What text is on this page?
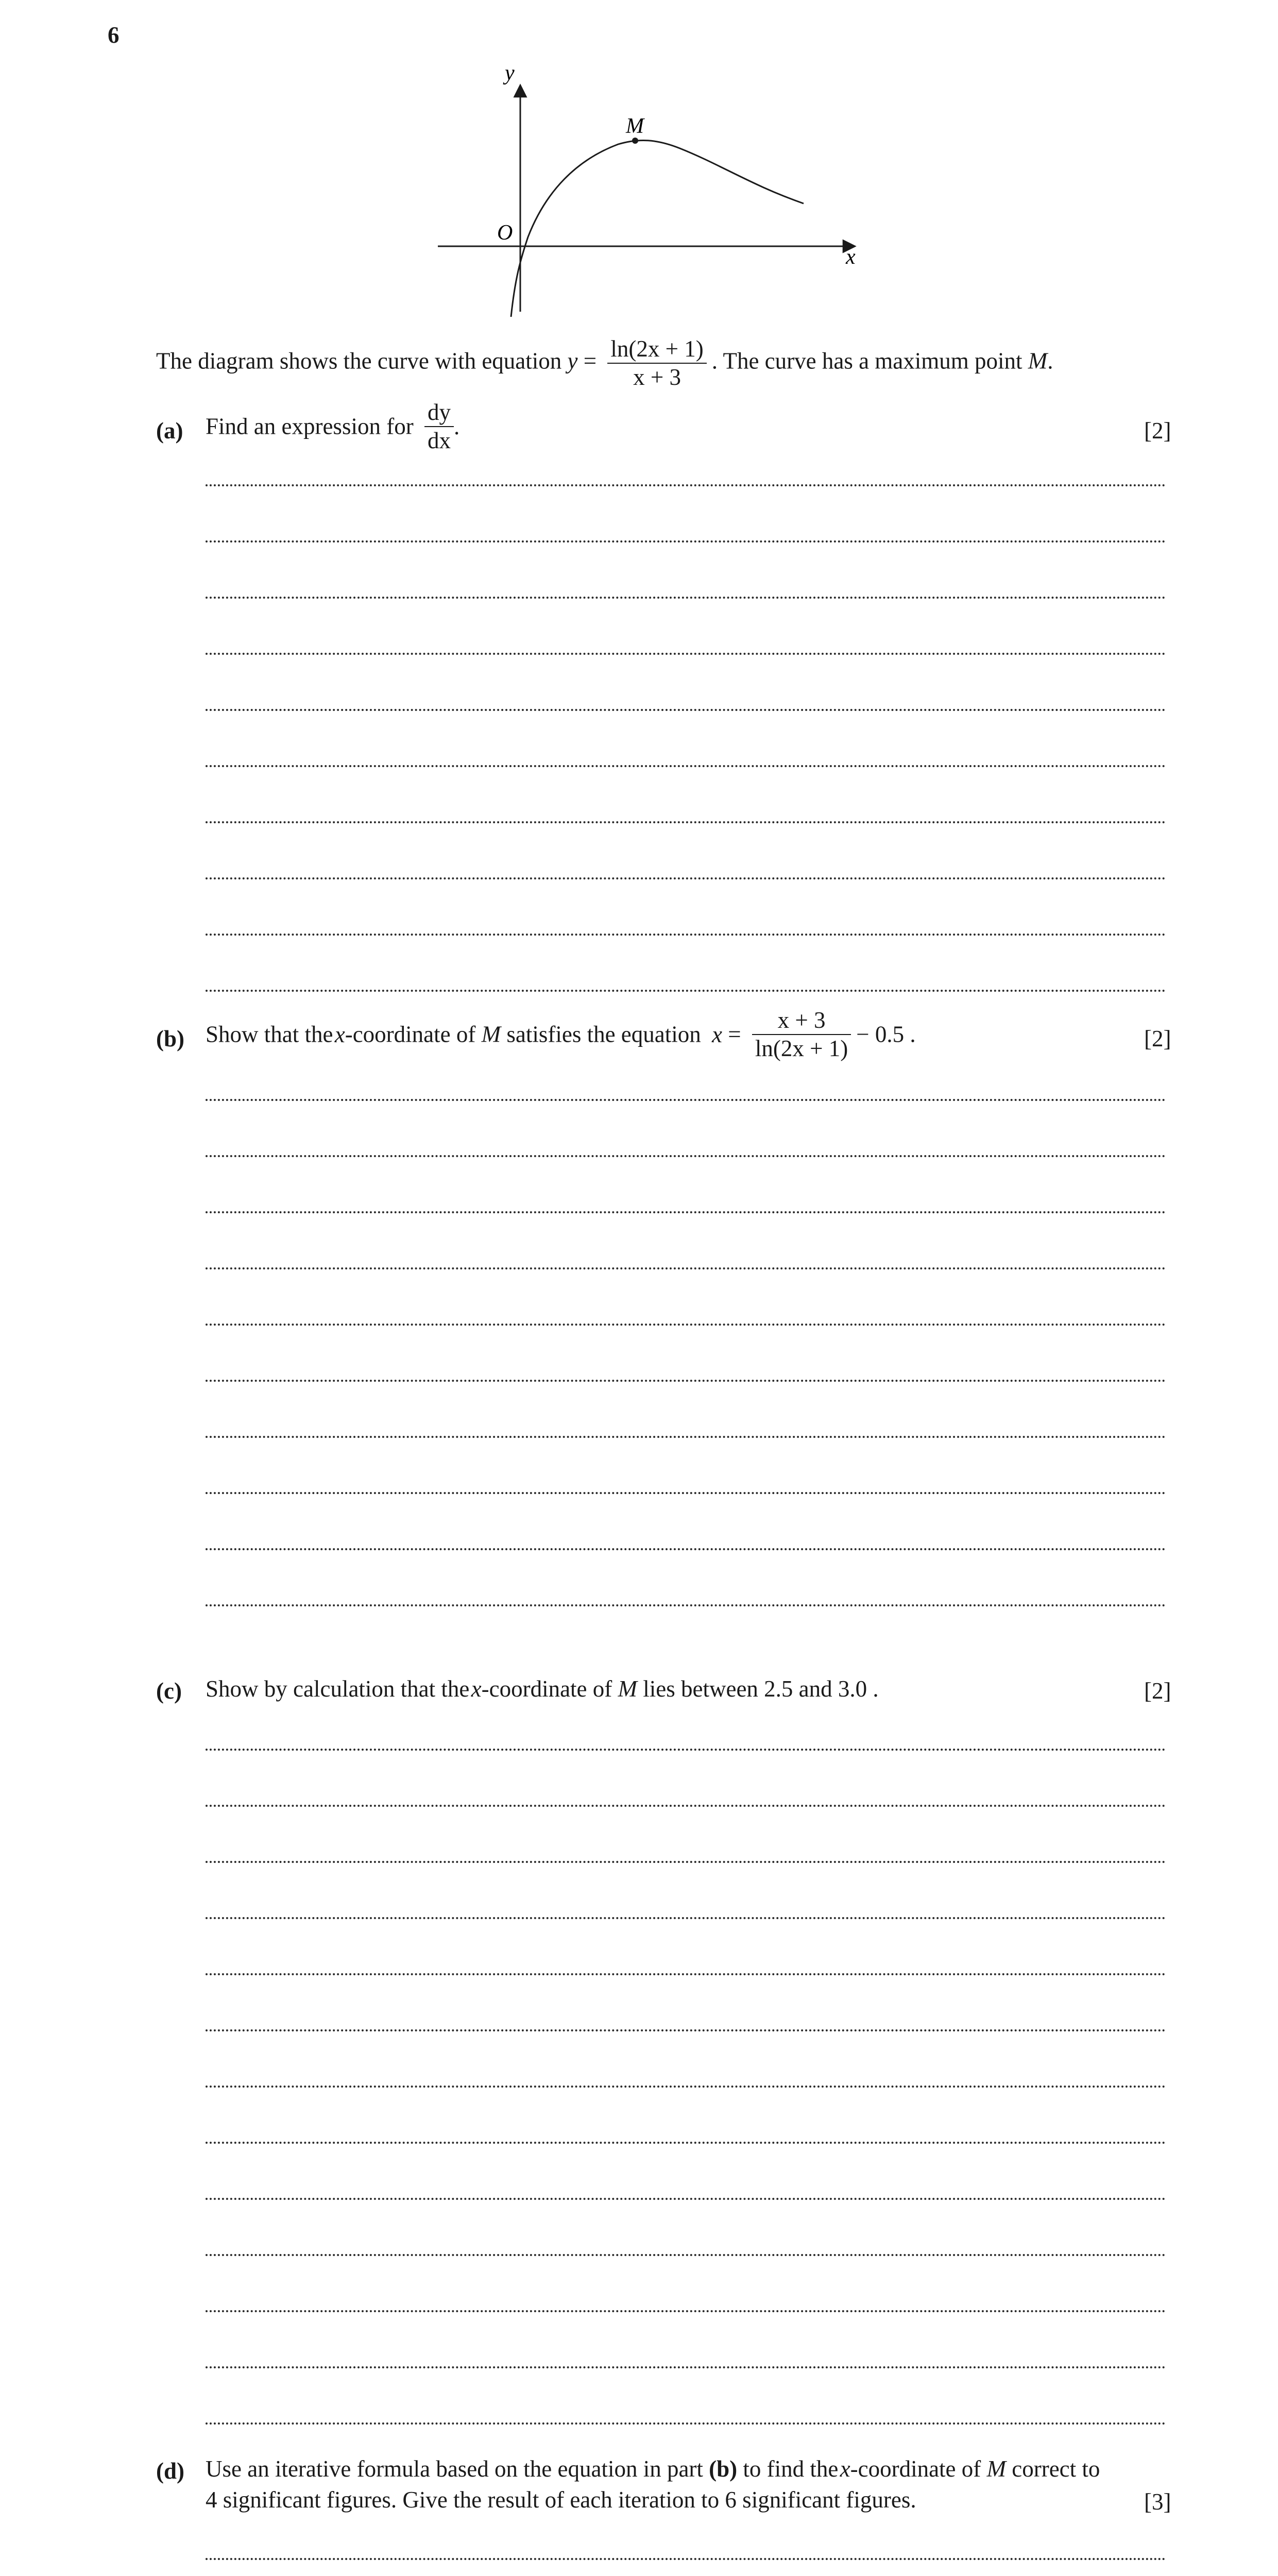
6
y
x
O
M
The diagram shows the curve with equation $y = \frac{\ln(2x + 1)}{x + 3}$ . The curve has a maximum point M.
(a) Find an expression for $\frac{dy}{dx}$ .	[2]
(b) Show that the x-coordinate of M satisfies the equation $x = \frac{x + 3}{\ln(2x + 1)} - 0.5$ .	[2]
(c) Show by calculation that the x-coordinate of M lies between 2.5 and 3.0 .	[2]
(d) Use an iterative formula based on the equation in part (b) to find the x-coordinate of M correct to
4 significant figures. Give the result of each iteration to 6 significant figures.	[3]
